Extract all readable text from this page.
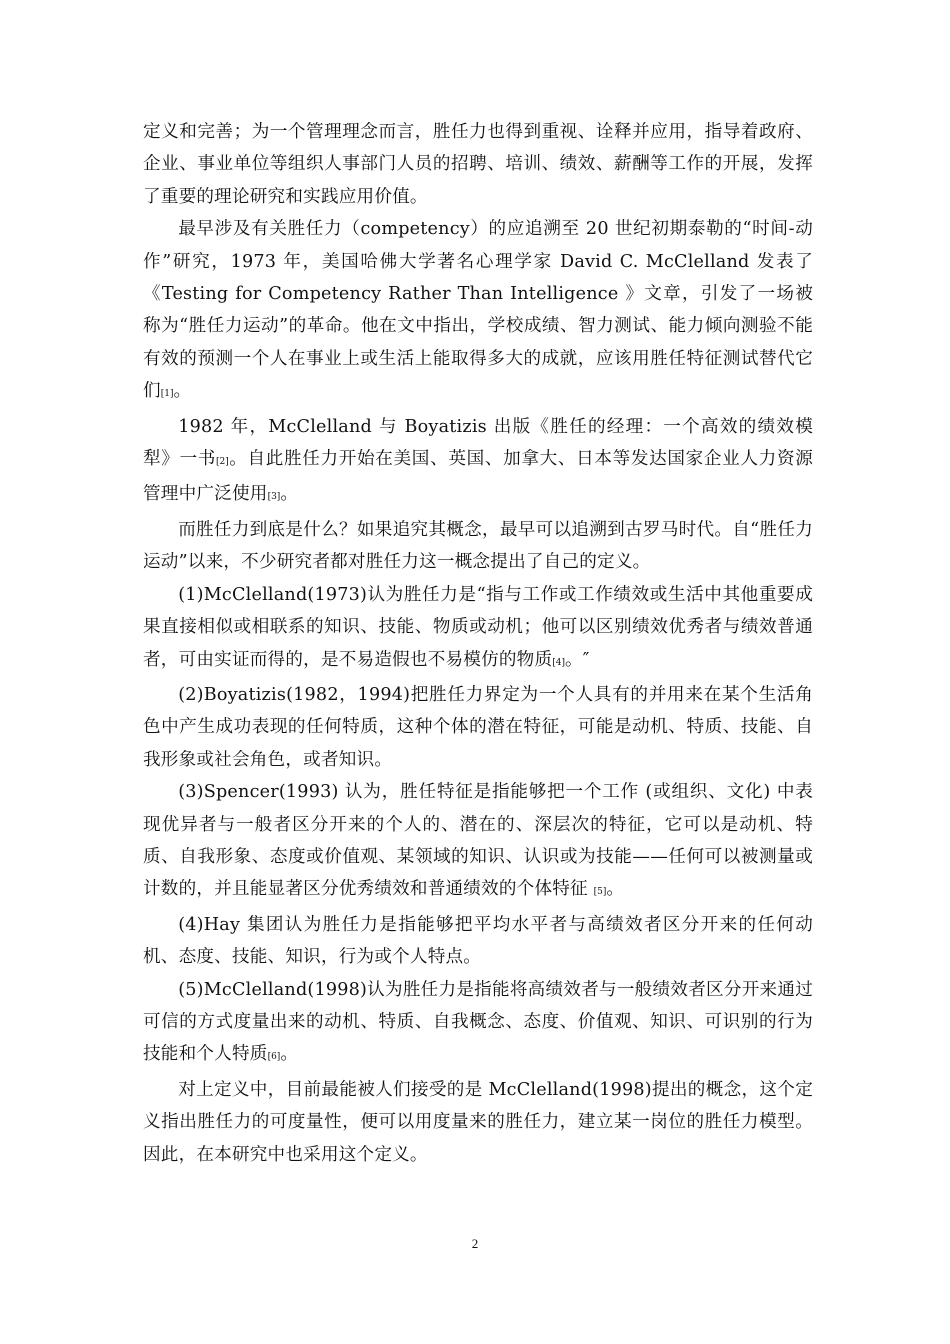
定义和完善；为一个管理理念而言，胜任力也得到重视、诠释并应用，指导着政府、企业、事业单位等组织人事部门人员的招聘、培训、绩效、薪酬等工作的开展，发挥了重要的理论研究和实践应用价值。

最早涉及有关胜任力（competency）的应追溯至 20 世纪初期泰勒的“时间-动作”研究，1973 年，美国哈佛大学著名心理学家 David C. McClelland 发表了《Testing for Competency Rather Than Intelligence 》文章，引发了一场被称为“胜任力运动”的革命。他在文中指出，学校成绩、智力测试、能力倾向测验不能有效的预测一个人在事业上或生活上能取得多大的成就，应该用胜任特征测试替代它们[1]。

1982 年，McClelland 与 Boyatizis 出版《胜任的经理：一个高效的绩效模犁》一书[2]。自此胜任力开始在美国、英国、加拿大、日本等发达国家企业人力资源管理中广泛使用[3]。

而胜任力到底是什么？如果追究其概念，最早可以追溯到古罗马时代。自“胜任力运动”以来，不少研究者都对胜任力这一概念提出了自己的定义。

(1)McClelland(1973)认为胜任力是“指与工作或工作绩效或生活中其他重要成果直接相似或相联系的知识、技能、物质或动机；他可以区别绩效优秀者与绩效普通者，可由实证而得的，是不易造假也不易模仿的物质[4]。″

(2)Boyatizis(1982，1994)把胜任力界定为一个人具有的并用来在某个生活角色中产生成功表现的任何特质，这种个体的潜在特征，可能是动机、特质、技能、自我形象或社会角色，或者知识。

(3)Spencer(1993) 认为，胜任特征是指能够把一个工作 (或组织、文化) 中表现优异者与一般者区分开来的个人的、潜在的、深层次的特征，它可以是动机、特质、自我形象、态度或价值观、某领域的知识、认识或为技能——任何可以被测量或计数的，并且能显著区分优秀绩效和普通绩效的个体特征 [5]。

(4)Hay 集团认为胜任力是指能够把平均水平者与高绩效者区分开来的任何动机、态度、技能、知识，行为或个人特点。

(5)McClelland(1998)认为胜任力是指能将高绩效者与一般绩效者区分开来通过可信的方式度量出来的动机、特质、自我概念、态度、价值观、知识、可识别的行为技能和个人特质[6]。

对上定义中，目前最能被人们接受的是 McClelland(1998)提出的概念，这个定义指出胜任力的可度量性，便可以用度量来的胜任力，建立某一岗位的胜任力模型。因此，在本研究中也采用这个定义。

2
